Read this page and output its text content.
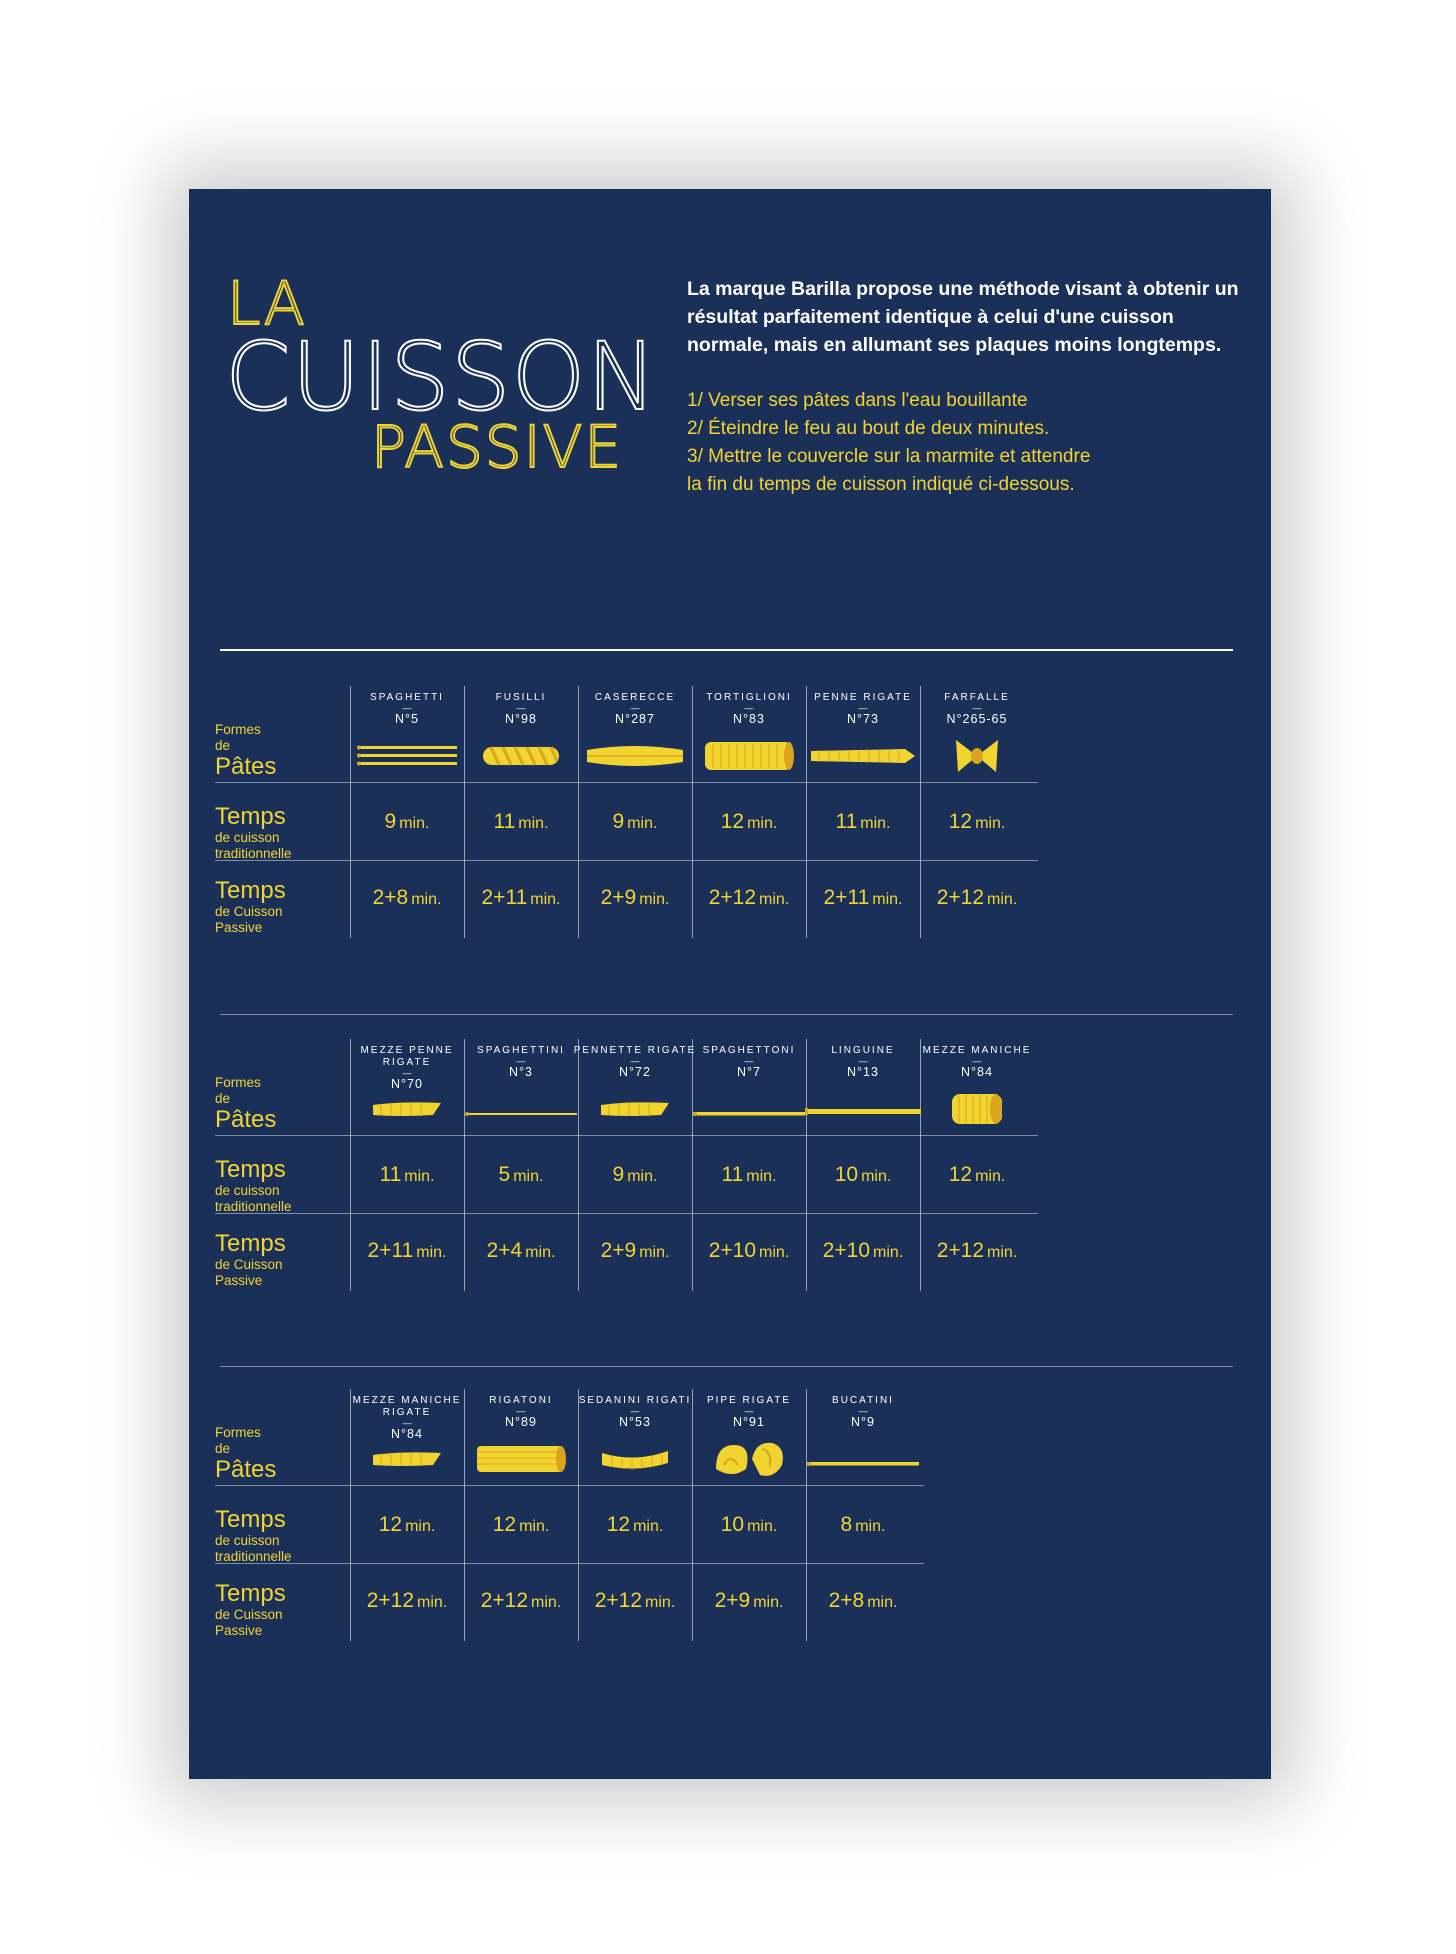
LA
CUISSON
PASSIVE
La marque Barilla propose une méthode visant à obtenir un résultat parfaitement identique à celui d'une cuisson normale, mais en allumant ses plaques moins longtemps.
1/ Verser ses pâtes dans l'eau bouillante
2/ Éteindre le feu au bout de deux minutes.
3/ Mettre le couvercle sur la marmite et attendre
la fin du temps de cuisson indiqué ci-dessous.
Formes de
Pâtes
Temps
de cuisson traditionnelle
Temps
de Cuisson Passive
SPAGHETTI
—
N°5
9 min.
2+8 min.
FUSILLI
—
N°98
11 min.
2+11 min.
CASERECCE
—
N°287
9 min.
2+9 min.
TORTIGLIONI
—
N°83
12 min.
2+12 min.
PENNE RIGATE
—
N°73
11 min.
2+11 min.
FARFALLE
—
N°265-65
12 min.
2+12 min.
Formes de
Pâtes
Temps
de cuisson traditionnelle
Temps
de Cuisson Passive
MEZZE PENNE RIGATE
—
N°70
11 min.
2+11 min.
SPAGHETTINI
—
N°3
5 min.
2+4 min.
PENNETTE RIGATE
—
N°72
9 min.
2+9 min.
SPAGHETTONI
—
N°7
11 min.
2+10 min.
LINGUINE
—
N°13
10 min.
2+10 min.
MEZZE MANICHE
—
N°84
12 min.
2+12 min.
Formes de
Pâtes
Temps
de cuisson traditionnelle
Temps
de Cuisson Passive
MEZZE MANICHE RIGATE
—
N°84
12 min.
2+12 min.
RIGATONI
—
N°89
12 min.
2+12 min.
SEDANINI RIGATI
—
N°53
12 min.
2+12 min.
PIPE RIGATE
—
N°91
10 min.
2+9 min.
BUCATINI
—
N°9
8 min.
2+8 min.
